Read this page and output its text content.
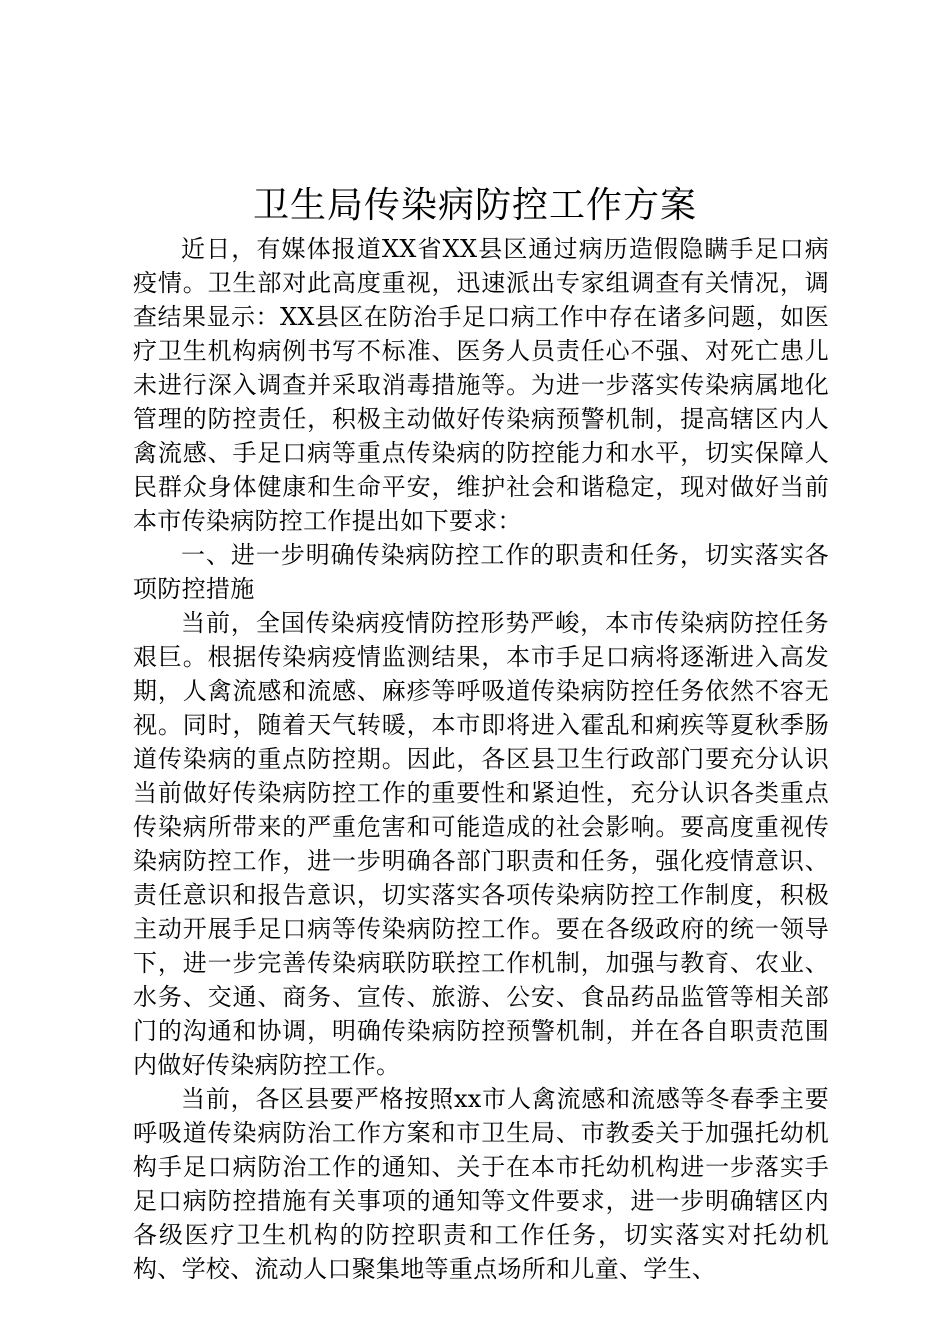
卫生局传染病防控工作方案

近日，有媒体报道XX省XX县区通过病历造假隐瞒手足口病疫情。卫生部对此高度重视，迅速派出专家组调查有关情况，调查结果显示：XX县区在防治手足口病工作中存在诸多问题，如医疗卫生机构病例书写不标准、医务人员责任心不强、对死亡患儿未进行深入调查并采取消毒措施等。为进一步落实传染病属地化管理的防控责任，积极主动做好传染病预警机制，提高辖区内人禽流感、手足口病等重点传染病的防控能力和水平，切实保障人民群众身体健康和生命平安，维护社会和谐稳定，现对做好当前本市传染病防控工作提出如下要求：

一、进一步明确传染病防控工作的职责和任务，切实落实各项防控措施

当前，全国传染病疫情防控形势严峻，本市传染病防控任务艰巨。根据传染病疫情监测结果，本市手足口病将逐渐进入高发期，人禽流感和流感、麻疹等呼吸道传染病防控任务依然不容无视。同时，随着天气转暖，本市即将进入霍乱和痢疾等夏秋季肠道传染病的重点防控期。因此，各区县卫生行政部门要充分认识当前做好传染病防控工作的重要性和紧迫性，充分认识各类重点传染病所带来的严重危害和可能造成的社会影响。要高度重视传染病防控工作，进一步明确各部门职责和任务，强化疫情意识、责任意识和报告意识，切实落实各项传染病防控工作制度，积极主动开展手足口病等传染病防控工作。要在各级政府的统一领导下，进一步完善传染病联防联控工作机制，加强与教育、农业、水务、交通、商务、宣传、旅游、公安、食品药品监管等相关部门的沟通和协调，明确传染病防控预警机制，并在各自职责范围内做好传染病防控工作。

当前，各区县要严格按照xx市人禽流感和流感等冬春季主要呼吸道传染病防治工作方案和市卫生局、市教委关于加强托幼机构手足口病防治工作的通知、关于在本市托幼机构进一步落实手足口病防控措施有关事项的通知等文件要求，进一步明确辖区内各级医疗卫生机构的防控职责和工作任务，切实落实对托幼机构、学校、流动人口聚集地等重点场所和儿童、学生、
